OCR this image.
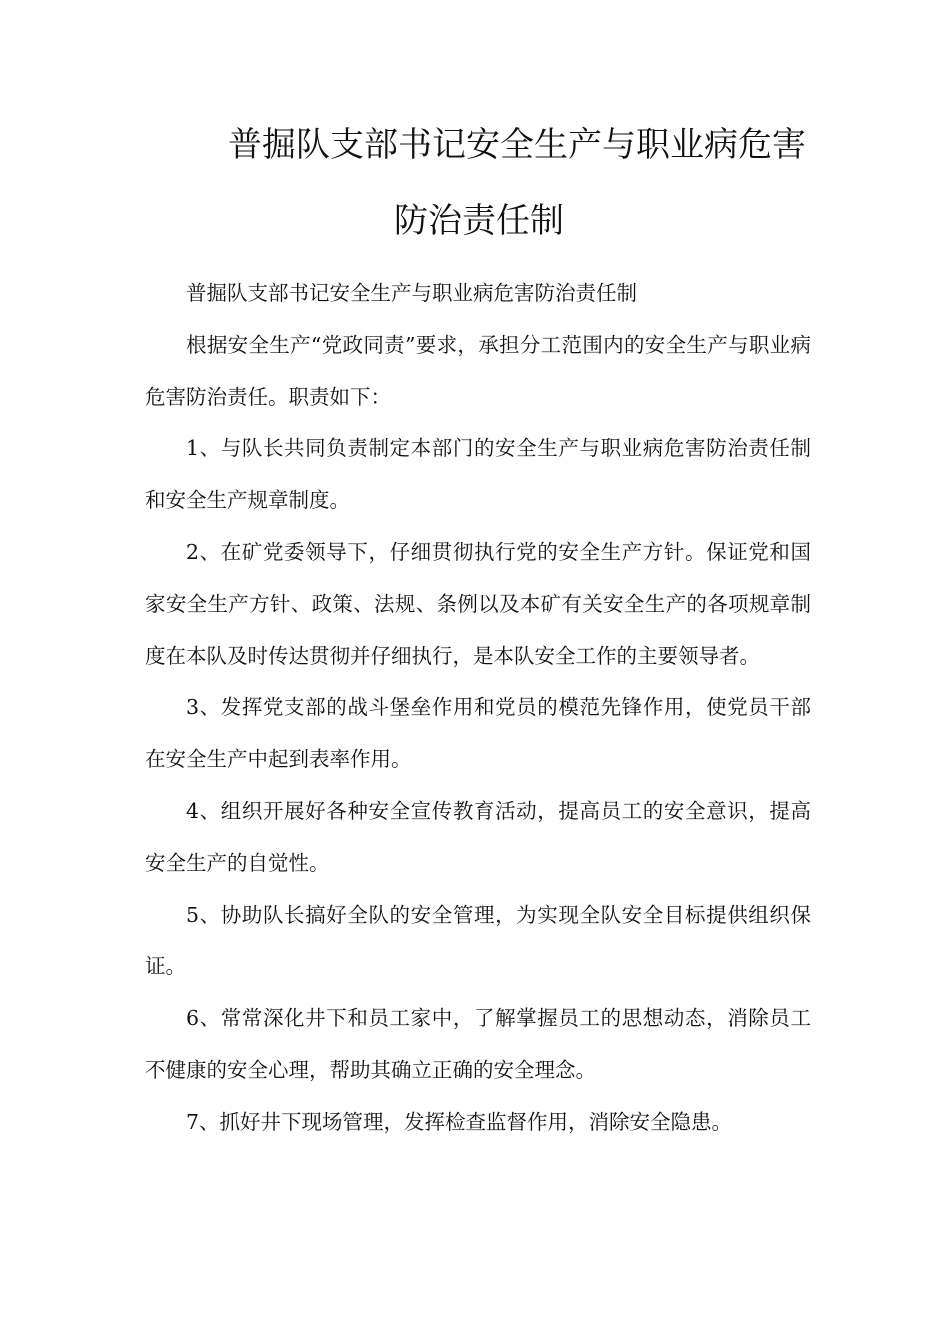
普掘队支部书记安全生产与职业病危害
防治责任制

普掘队支部书记安全生产与职业病危害防治责任制

根据安全生产“党政同责”要求，承担分工范围内的安全生产与职业病危害防治责任。职责如下：

1、与队长共同负责制定本部门的安全生产与职业病危害防治责任制和安全生产规章制度。

2、在矿党委领导下，仔细贯彻执行党的安全生产方针。保证党和国家安全生产方针、政策、法规、条例以及本矿有关安全生产的各项规章制度在本队及时传达贯彻并仔细执行，是本队安全工作的主要领导者。

3、发挥党支部的战斗堡垒作用和党员的模范先锋作用，使党员干部在安全生产中起到表率作用。

4、组织开展好各种安全宣传教育活动，提高员工的安全意识，提高安全生产的自觉性。

5、协助队长搞好全队的安全管理，为实现全队安全目标提供组织保证。

6、常常深化井下和员工家中，了解掌握员工的思想动态，消除员工不健康的安全心理，帮助其确立正确的安全理念。

7、抓好井下现场管理，发挥检查监督作用，消除安全隐患。
